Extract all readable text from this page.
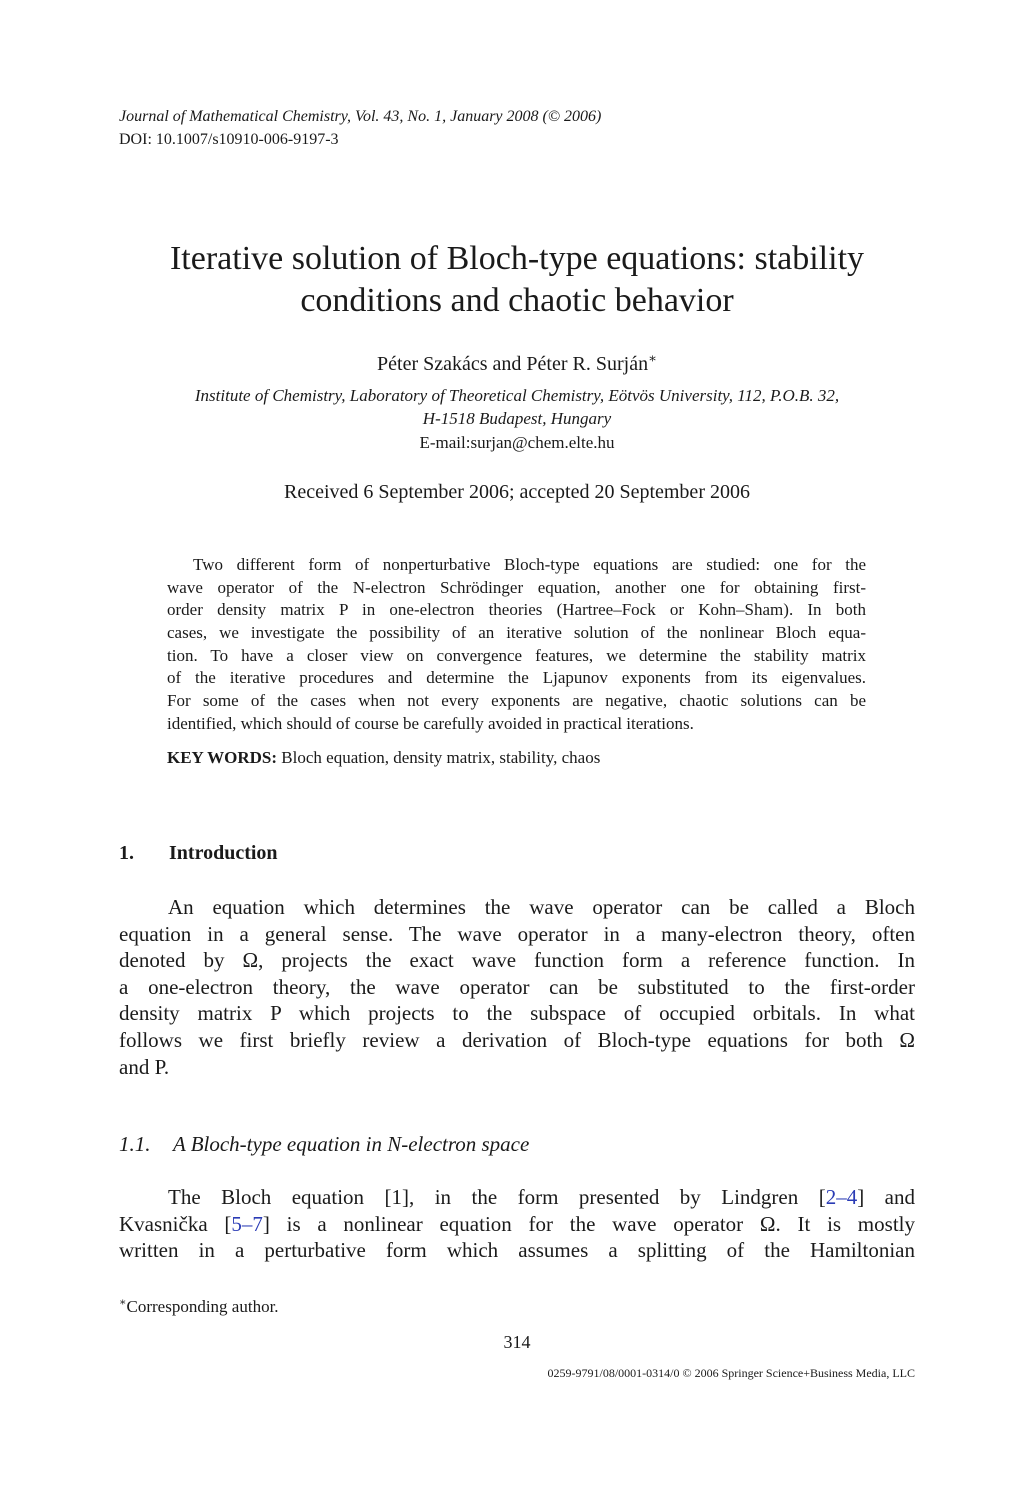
Journal of Mathematical Chemistry, Vol. 43, No. 1, January 2008 (© 2006)
DOI: 10.1007/s10910-006-9197-3
Iterative solution of Bloch-type equations: stability
conditions and chaotic behavior
Péter Szakács and Péter R. Surján∗
Institute of Chemistry, Laboratory of Theoretical Chemistry, Eötvös University, 112, P.O.B. 32,
H-1518 Budapest, Hungary
E-mail:surjan@chem.elte.hu
Received 6 September 2006; accepted 20 September 2006
Two different form of nonperturbative Bloch-type equations are studied: one for the
wave operator of the N-electron Schrödinger equation, another one for obtaining first-
order density matrix P in one-electron theories (Hartree–Fock or Kohn–Sham). In both
cases, we investigate the possibility of an iterative solution of the nonlinear Bloch equa-
tion. To have a closer view on convergence features, we determine the stability matrix
of the iterative procedures and determine the Ljapunov exponents from its eigenvalues.
For some of the cases when not every exponents are negative, chaotic solutions can be
identified, which should of course be carefully avoided in practical iterations.
KEY WORDS: Bloch equation, density matrix, stability, chaos
1. Introduction
An equation which determines the wave operator can be called a Bloch
equation in a general sense. The wave operator in a many-electron theory, often
denoted by Ω, projects the exact wave function form a reference function. In
a one-electron theory, the wave operator can be substituted to the first-order
density matrix P which projects to the subspace of occupied orbitals. In what
follows we first briefly review a derivation of Bloch-type equations for both Ω
and P.
1.1. A Bloch-type equation in N-electron space
The Bloch equation [1], in the form presented by Lindgren [2–4] and
Kvasnička [5–7] is a nonlinear equation for the wave operator Ω. It is mostly
written in a perturbative form which assumes a splitting of the Hamiltonian
∗Corresponding author.
314
0259-9791/08/0001-0314/0 © 2006 Springer Science+Business Media, LLC
